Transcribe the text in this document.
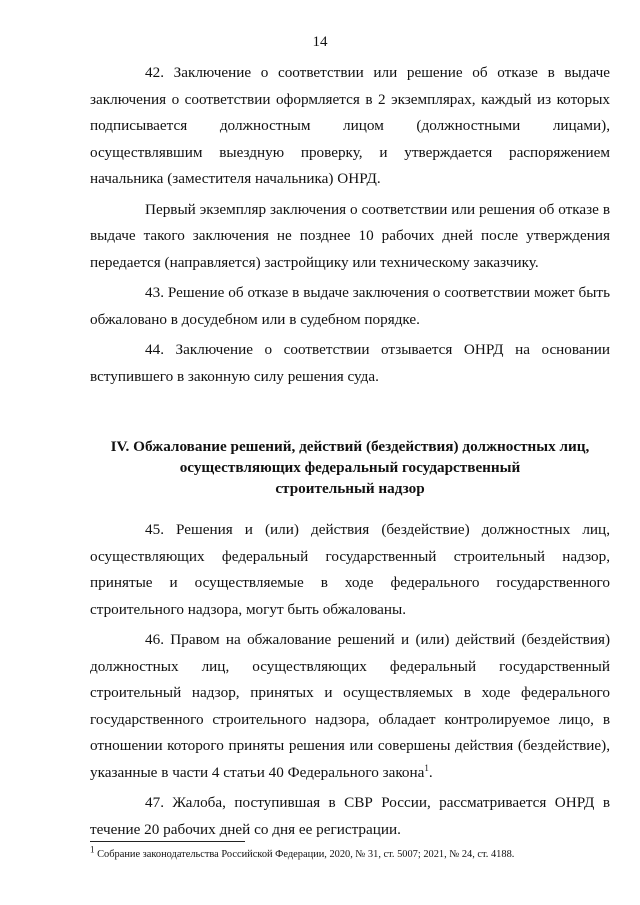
14

42. Заключение о соответствии или решение об отказе в выдаче заключения о соответствии оформляется в 2 экземплярах, каждый из которых подписывается должностным лицом (должностными лицами), осуществлявшим выездную проверку, и утверждается распоряжением начальника (заместителя начальника) ОНРД.

Первый экземпляр заключения о соответствии или решения об отказе в выдаче такого заключения не позднее 10 рабочих дней после утверждения передается (направляется) застройщику или техническому заказчику.

43. Решение об отказе в выдаче заключения о соответствии может быть обжаловано в досудебном или в судебном порядке.

44. Заключение о соответствии отзывается ОНРД на основании вступившего в законную силу решения суда.

IV. Обжалование решений, действий (бездействия) должностных лиц,
осуществляющих федеральный государственный
строительный надзор

45. Решения и (или) действия (бездействие) должностных лиц, осуществляющих федеральный государственный строительный надзор, принятые и осуществляемые в ходе федерального государственного строительного надзора, могут быть обжалованы.

46. Правом на обжалование решений и (или) действий (бездействия) должностных лиц, осуществляющих федеральный государственный строительный надзор, принятых и осуществляемых в ходе федерального государственного строительного надзора, обладает контролируемое лицо, в отношении которого приняты решения или совершены действия (бездействие), указанные в части 4 статьи 40 Федерального закона$^1$.

47. Жалоба, поступившая в СВР России, рассматривается ОНРД в течение 20 рабочих дней со дня ее регистрации.

$^1$ Собрание законодательства Российской Федерации, 2020, № 31, ст. 5007; 2021, № 24, ст. 4188.
